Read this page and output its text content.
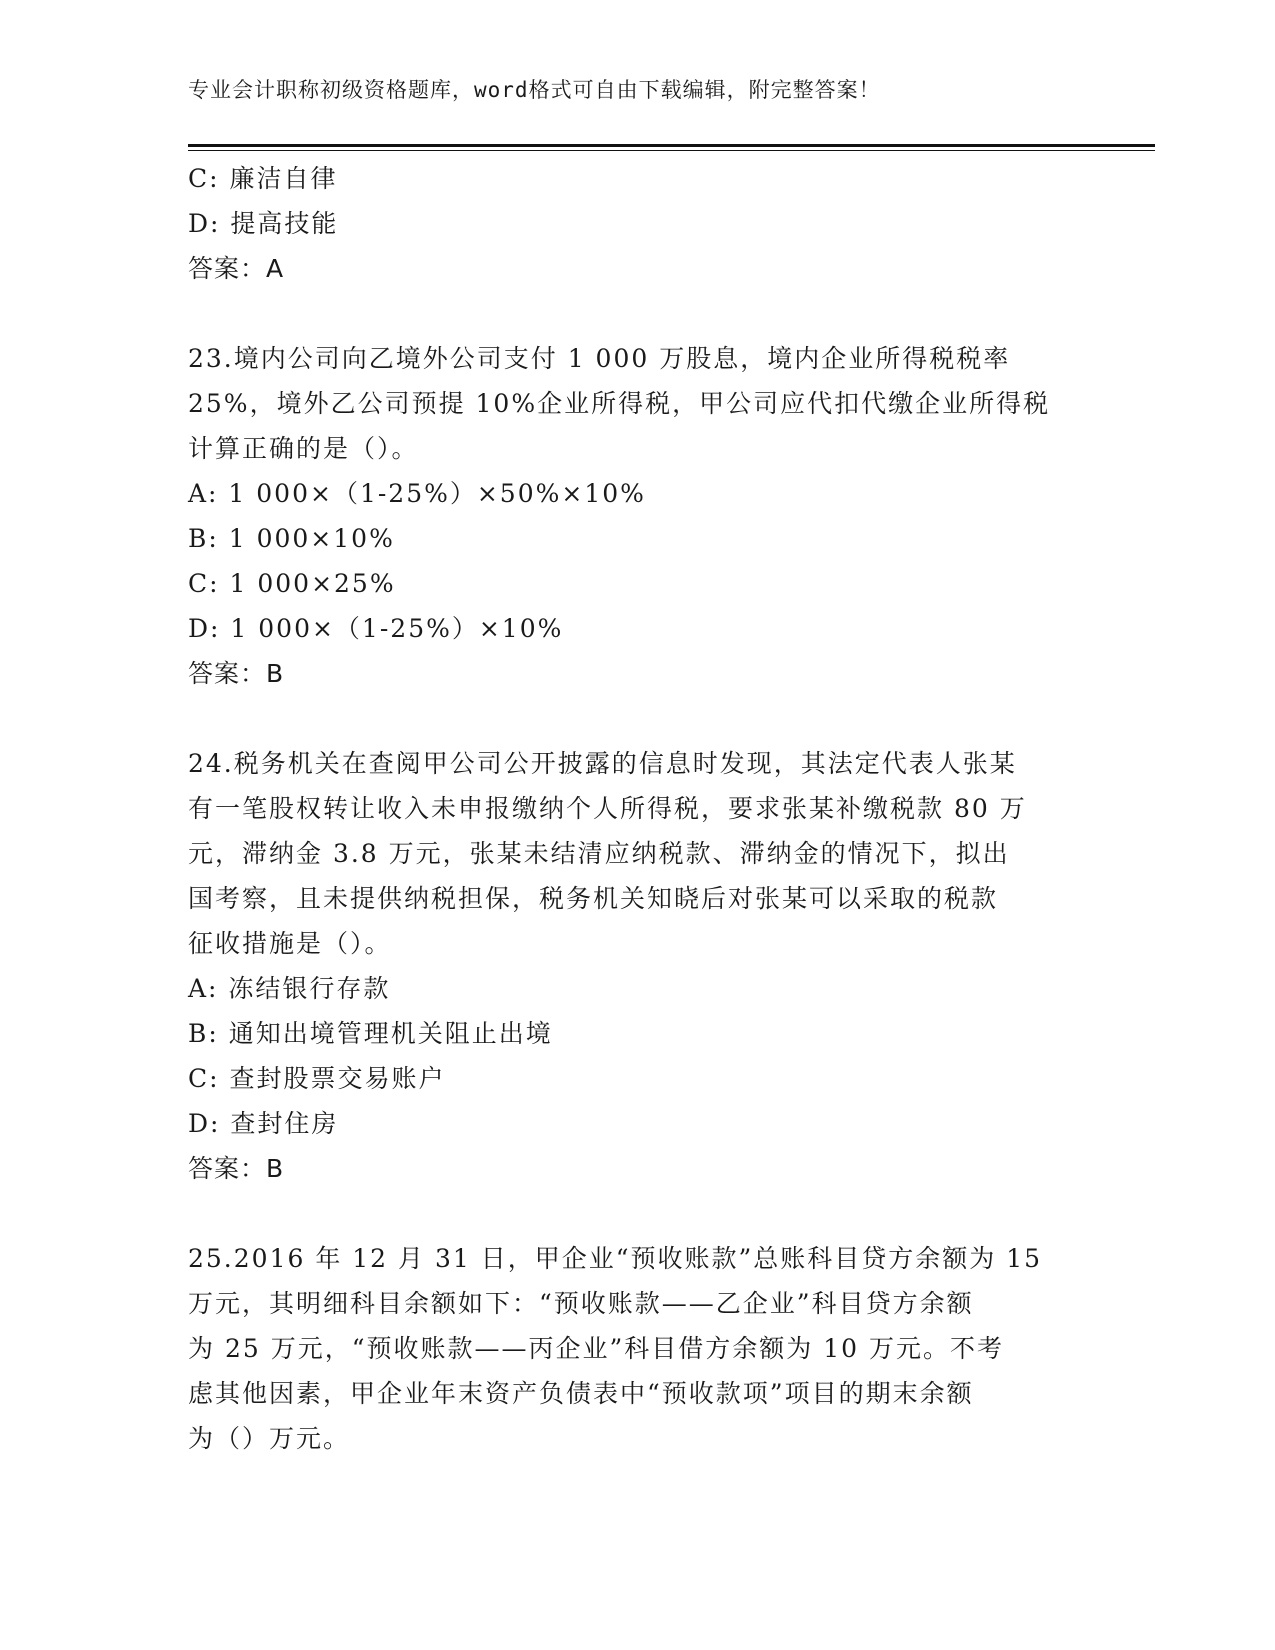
专业会计职称初级资格题库，word格式可自由下载编辑，附完整答案！
C: 廉洁自律
D: 提高技能
答案：A
23.境内公司向乙境外公司支付 1 000 万股息，境内企业所得税税率
25%，境外乙公司预提 10%企业所得税，甲公司应代扣代缴企业所得税
计算正确的是（）。
A: 1 000×（1-25%）×50%×10%
B: 1 000×10%
C: 1 000×25%
D: 1 000×（1-25%）×10%
答案：B
24.税务机关在查阅甲公司公开披露的信息时发现，其法定代表人张某
有一笔股权转让收入未申报缴纳个人所得税，要求张某补缴税款 80 万
元，滞纳金 3.8 万元，张某未结清应纳税款、滞纳金的情况下，拟出
国考察，且未提供纳税担保，税务机关知晓后对张某可以采取的税款
征收措施是（）。
A: 冻结银行存款
B: 通知出境管理机关阻止出境
C: 查封股票交易账户
D: 查封住房
答案：B
25.2016 年 12 月 31 日，甲企业“预收账款”总账科目贷方余额为 15
万元，其明细科目余额如下：“预收账款——乙企业”科目贷方余额
为 25 万元，“预收账款——丙企业”科目借方余额为 10 万元。不考
虑其他因素，甲企业年末资产负债表中“预收款项”项目的期末余额
为（）万元。
